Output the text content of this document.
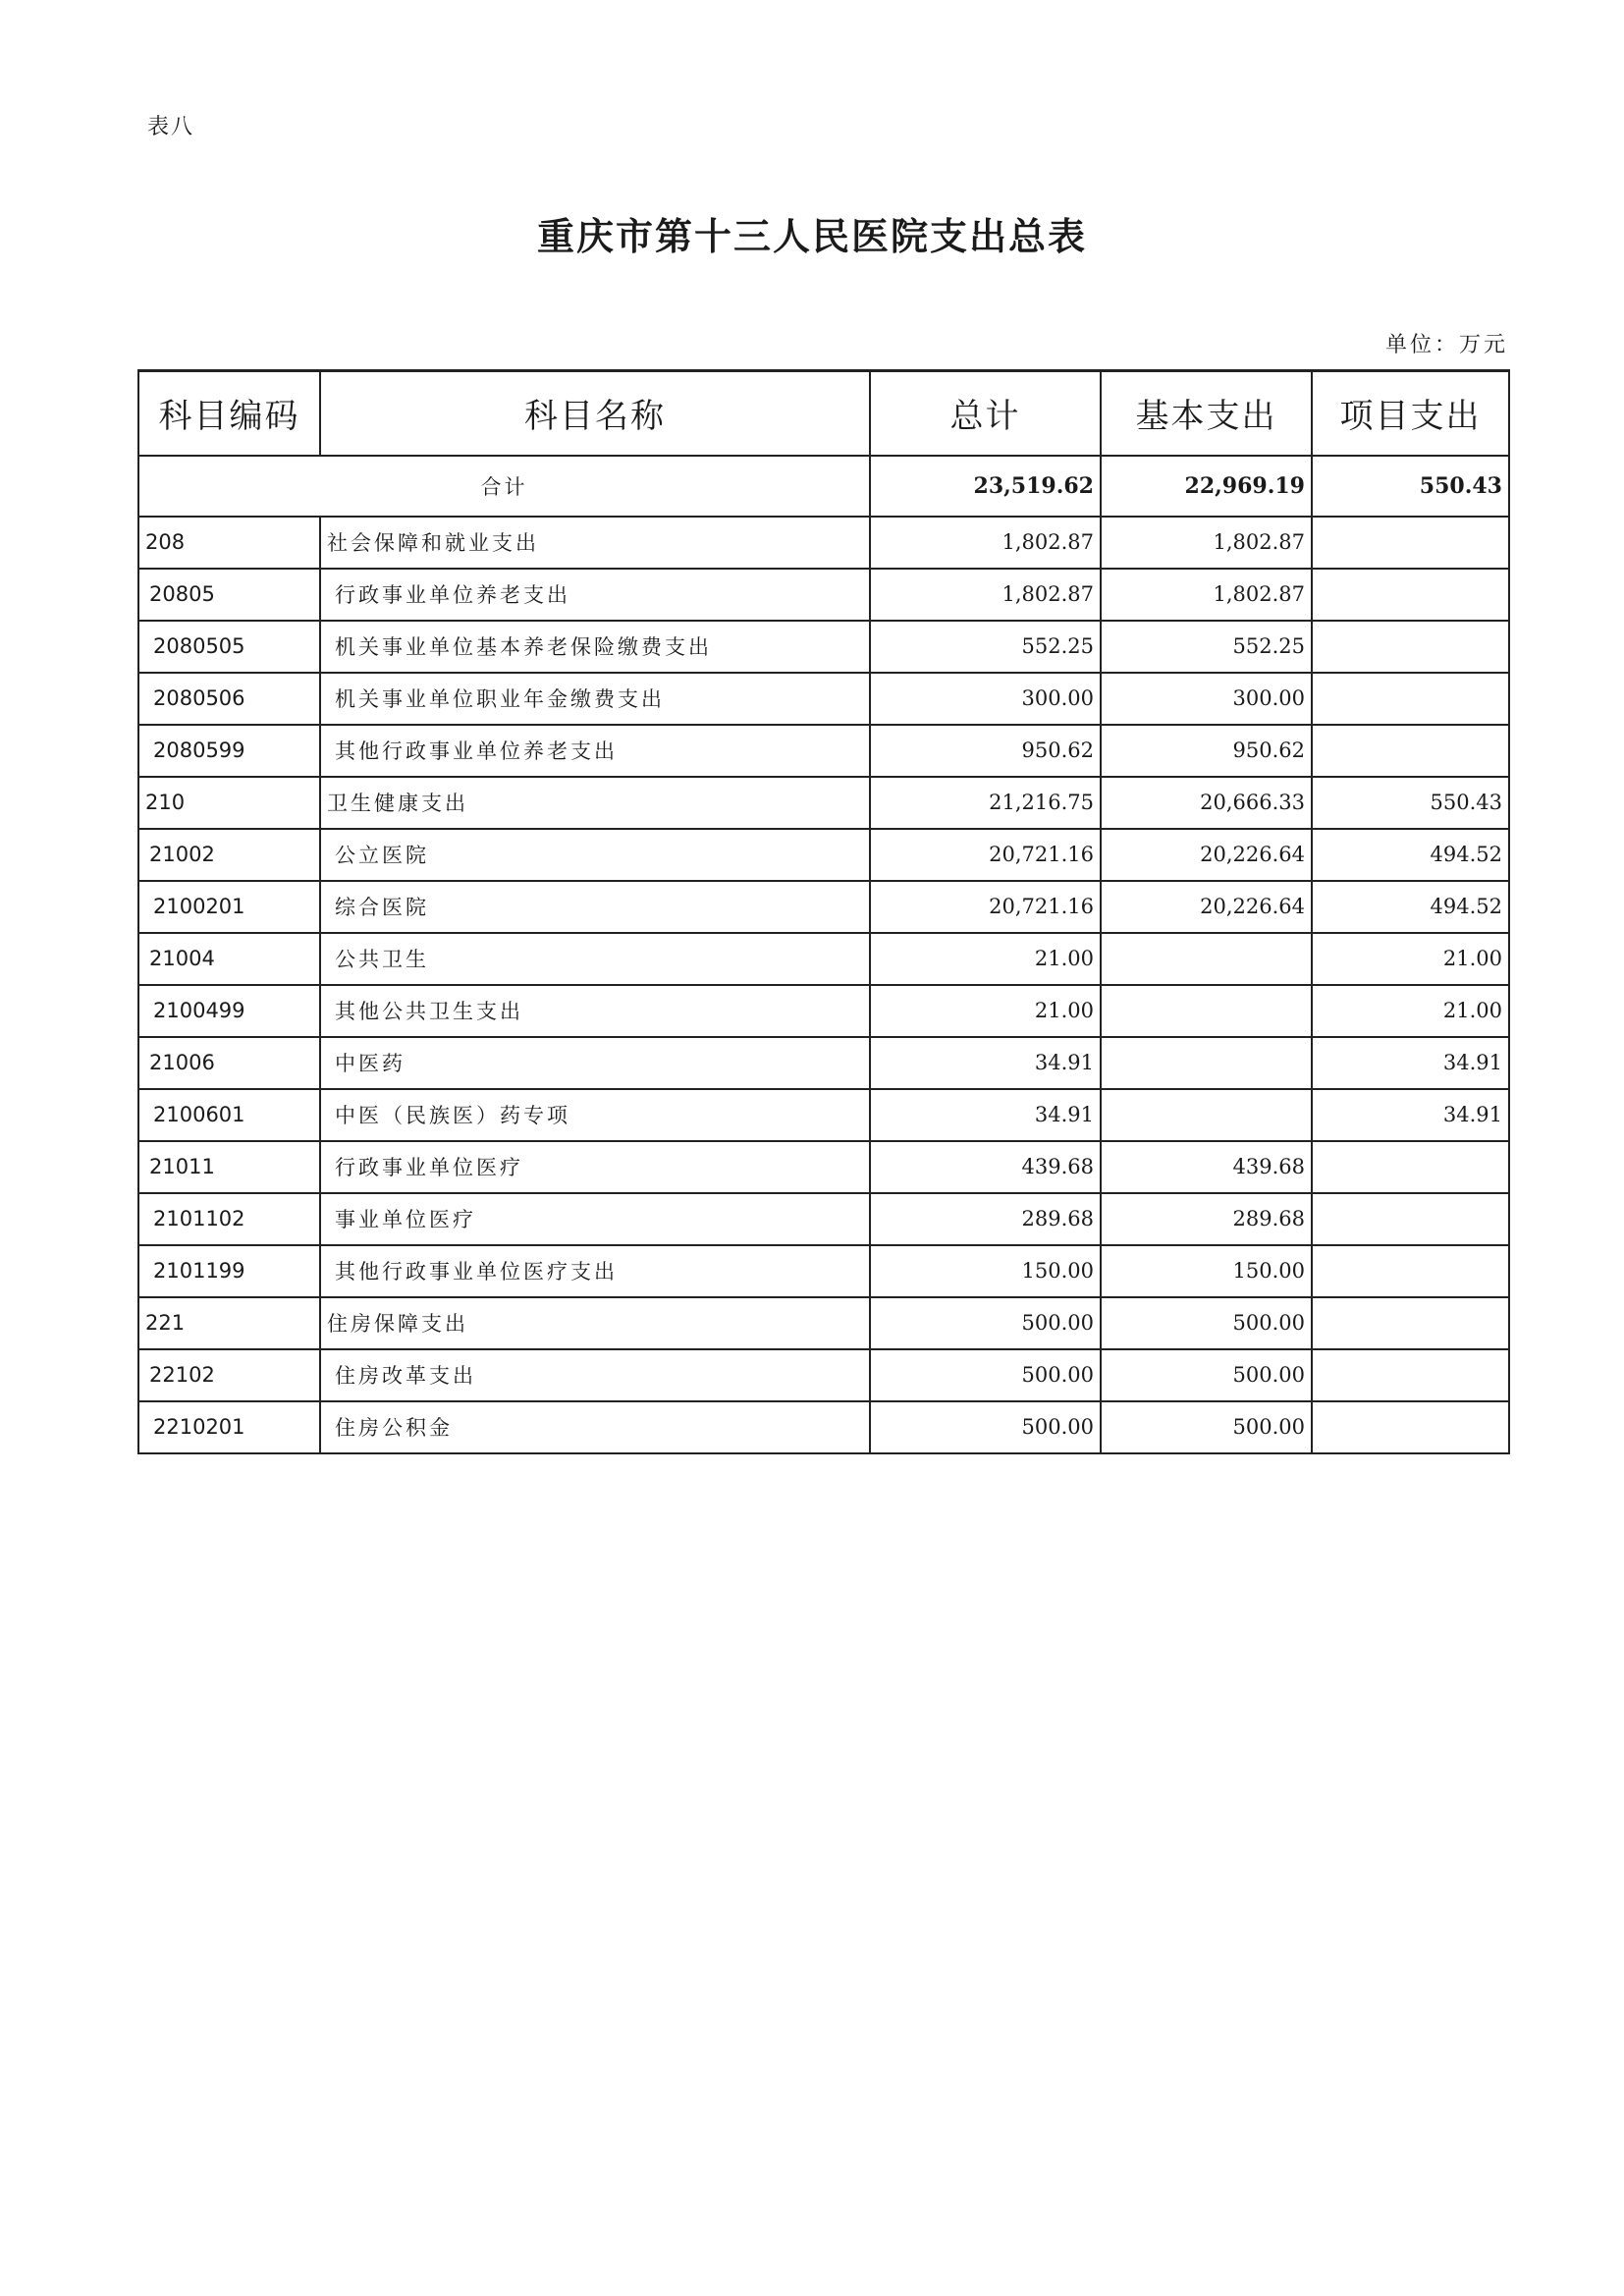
表八
重庆市第十三人民医院支出总表
单位：万元
科目编码	科目名称	总计	基本支出	项目支出
合计		23,519.62	22,969.19	550.43
208	社会保障和就业支出	1,802.87	1,802.87	
20805	行政事业单位养老支出	1,802.87	1,802.87	
2080505	机关事业单位基本养老保险缴费支出	552.25	552.25	
2080506	机关事业单位职业年金缴费支出	300.00	300.00	
2080599	其他行政事业单位养老支出	950.62	950.62	
210	卫生健康支出	21,216.75	20,666.33	550.43
21002	公立医院	20,721.16	20,226.64	494.52
2100201	综合医院	20,721.16	20,226.64	494.52
21004	公共卫生	21.00		21.00
2100499	其他公共卫生支出	21.00		21.00
21006	中医药	34.91		34.91
2100601	中医（民族医）药专项	34.91		34.91
21011	行政事业单位医疗	439.68	439.68	
2101102	事业单位医疗	289.68	289.68	
2101199	其他行政事业单位医疗支出	150.00	150.00	
221	住房保障支出	500.00	500.00	
22102	住房改革支出	500.00	500.00	
2210201	住房公积金	500.00	500.00	
